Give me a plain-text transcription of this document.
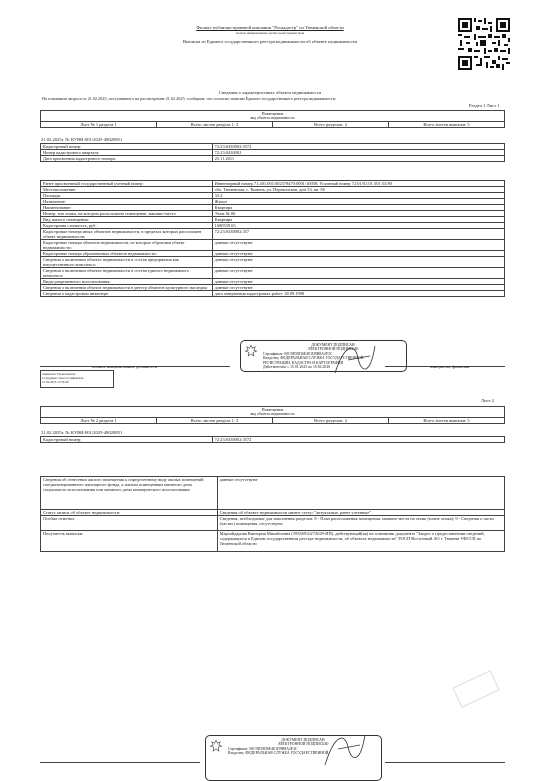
Филиал публично-правовой компании "Роскадастр" по Тюменской области
полное наименование органа регистрации прав
Выписка из Единого государственного реестра недвижимости об объекте недвижимости
Сведения о характеристиках объекта недвижимости
На основании запроса от 21.02.2025, поступившего на рассмотрение 21.02.2025, сообщаем, что согласно записям Единого государственного реестра недвижимости:
Раздел 1 Лист 1
Помещение
вид объекта недвижимости
Лист № 1 раздела 1	Всего листов раздела 1: 2	Всего разделов: 2	Всего листов выписки: 5
21.02.2025г. № КУВИ-001/2025-48028851
Кадастровый номер:	72:23:0430002:3572
Номер кадастрового квартала:	72:23:0430002
Дата присвоения кадастрового номера:	25.11.2011
Ранее присвоенный государственный учетный номер:	Инвентарный номер 71:401:001:002378470:0001:10058; Условный номер 72:01/01:01:301:53:80
Местоположение:	обл. Тюменская, г. Тюмень, ул. Перекопская, дом 53, кв. 58
Площадь:	33.2
Назначение:	Жилое
Наименование:	Квартира
Номер, тип этажа, на котором расположено помещение, машино-место	Этаж № 06
Вид жилого помещения:	Квартира
Кадастровая стоимость, руб.:	1680539.65
Кадастровые номера иных объектов недвижимости, в пределах которых расположен объект недвижимости:	72:23:0430002:357
Кадастровые номера объектов недвижимости, из которых образован объект недвижимости:	данные отсутствуют
Кадастровые номера образованных объектов недвижимости:	данные отсутствуют
Сведения о включении объекта недвижимости в состав предприятия как имущественного комплекса:	данные отсутствуют
Сведения о включении объекта недвижимости в состав единого недвижимого комплекса:	данные отсутствуют
Виды разрешенного использования:	данные отсутствуют
Сведения о включении объекта недвижимости в реестр объектов культурного наследия:	данные отсутствуют
Сведения о кадастровом инженере:	дата завершения кадастровых работ: 28.09.1998
ДОКУМЕНТ ПОДПИСАН
ЭЛЕКТРОННОЙ ПОДПИСЬЮ
Сертификат: 00C9D58D6E4E1D9B8A2F3C
Владелец: ФЕДЕРАЛЬНАЯ СЛУЖБА ГОСУДАРСТВЕННОЙ
РЕГИСТРАЦИИ, КАДАСТРА И КАРТОГРАФИИ
Действителен: с 15.01.2025 по 10.04.2026
полное наименование должности	инициалы, фамилия
Заявитель: Пользователь
Сотрудник: Ольга Сливинская
21.02.2025 12:56:40
Лист 2
Помещение
вид объекта недвижимости
Лист № 2 раздела 1	Всего листов раздела 1: 2	Всего разделов: 2	Всего листов выписки: 5
21.02.2025г. № КУВИ-001/2025-48028851
Кадастровый номер:	72:23:0430002:3572
Сведения об отнесении жилого помещения к определенному виду жилых помещений специализированного жилищного фонда, к жилым помещениям наемного дома социального использования или наемного дома коммерческого использования:	данные отсутствуют
Статус записи об объекте недвижимости:	Сведения об объекте недвижимости имеют статус "актуальные, ранее учтенные"
Особые отметки:	Сведения, необходимые для заполнения разделов: 8 - План расположения помещения, машино-места на этаже (плане этажа); 9 - Сведения о части (частях) помещения, отсутствуют.
Получатель выписки:	Мархайдарова Виктория Михайловна (393569/24/72029-ИП), действующий(ая) на основании документа "Запрос о предоставлении сведений, содержащихся в Едином государственном реестре недвижимости, об объектах недвижимости" РОСП Восточный АО г. Тюмени УФССП по Тюменской области
ДОКУМЕНТ ПОДПИСАН
ЭЛЕКТРОННОЙ ПОДПИСЬЮ
Сертификат: 00C9D58D6E4E1D9B8A2F3C
Владелец: ФЕДЕРАЛЬНАЯ СЛУЖБА ГОСУДАРСТВЕННОЙ
